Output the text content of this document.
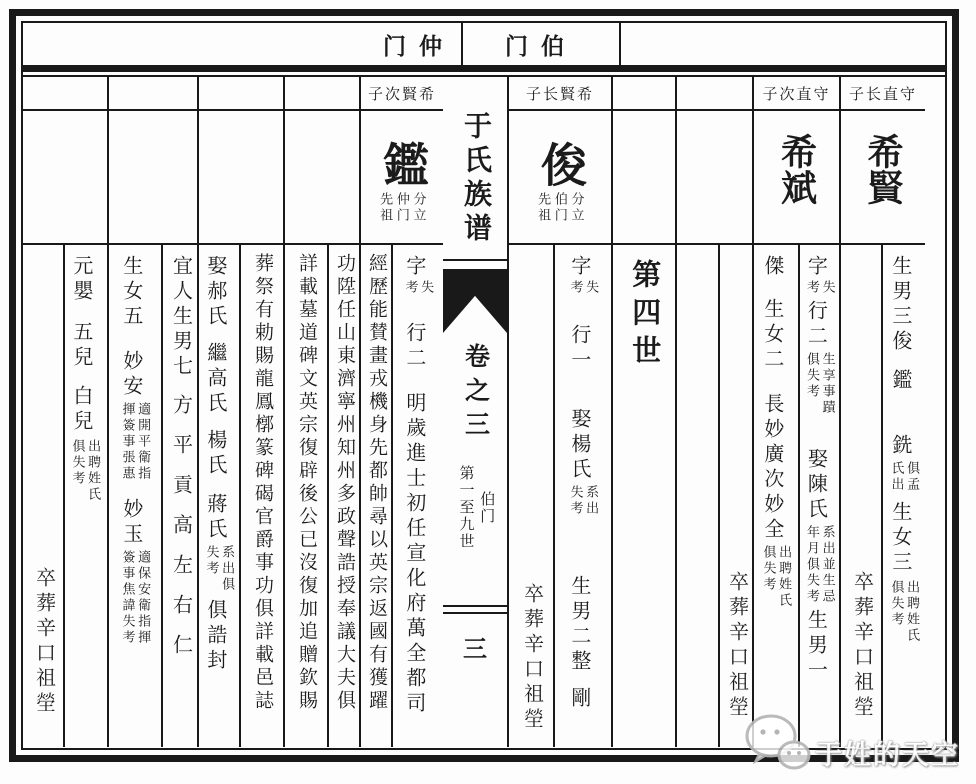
门仲 门伯
卒葬辛口祖塋
元嬰五兒白兒
出聘姓氏
俱失考
生女五妙安
適開平衛指
揮簽事張惠
妙玉
適保安衛指揮
簽事焦諱失考
宜人生男七方平貢高左右仁
娶郝氏繼高氏楊氏蔣氏
系出俱
失考
俱誥封	葬祭有勅賜龍鳳槨篆碑碣官爵事功俱詳載邑誌 詳載墓道碑文英宗復辟後公已沒復加追贈欽賜 功陞任山東濟寧州知州多政聲誥授奉議大夫俱
子次賢希
鑑
分立
仲门
先祖
經歷能賛畫戎機身先都帥尋以英宗返國有獲躍 字
失
考
行二明歲進士初任宣化府萬全都司
于氏族谱
卷之三
第一至九世 伯门
三
子长賢希
俊
分立
伯门
先祖
卒葬辛口祖塋
字
失
考
行一娶楊氏
系出
失考
生男二整剛
第四世
卒葬辛口祖塋
子次直守
希斌
傑生女二長妙廣次妙全
出聘姓氏
俱失考
字
失
考
行二
生享事蹟
俱失考
娶陳氏
系出並生忌
年月俱失考
生男一
子长直守
希賢
卒葬辛口祖塋
生男三俊鑑銑
俱孟
氏出
生女三
出聘姓氏
俱失考
于姓的天空
